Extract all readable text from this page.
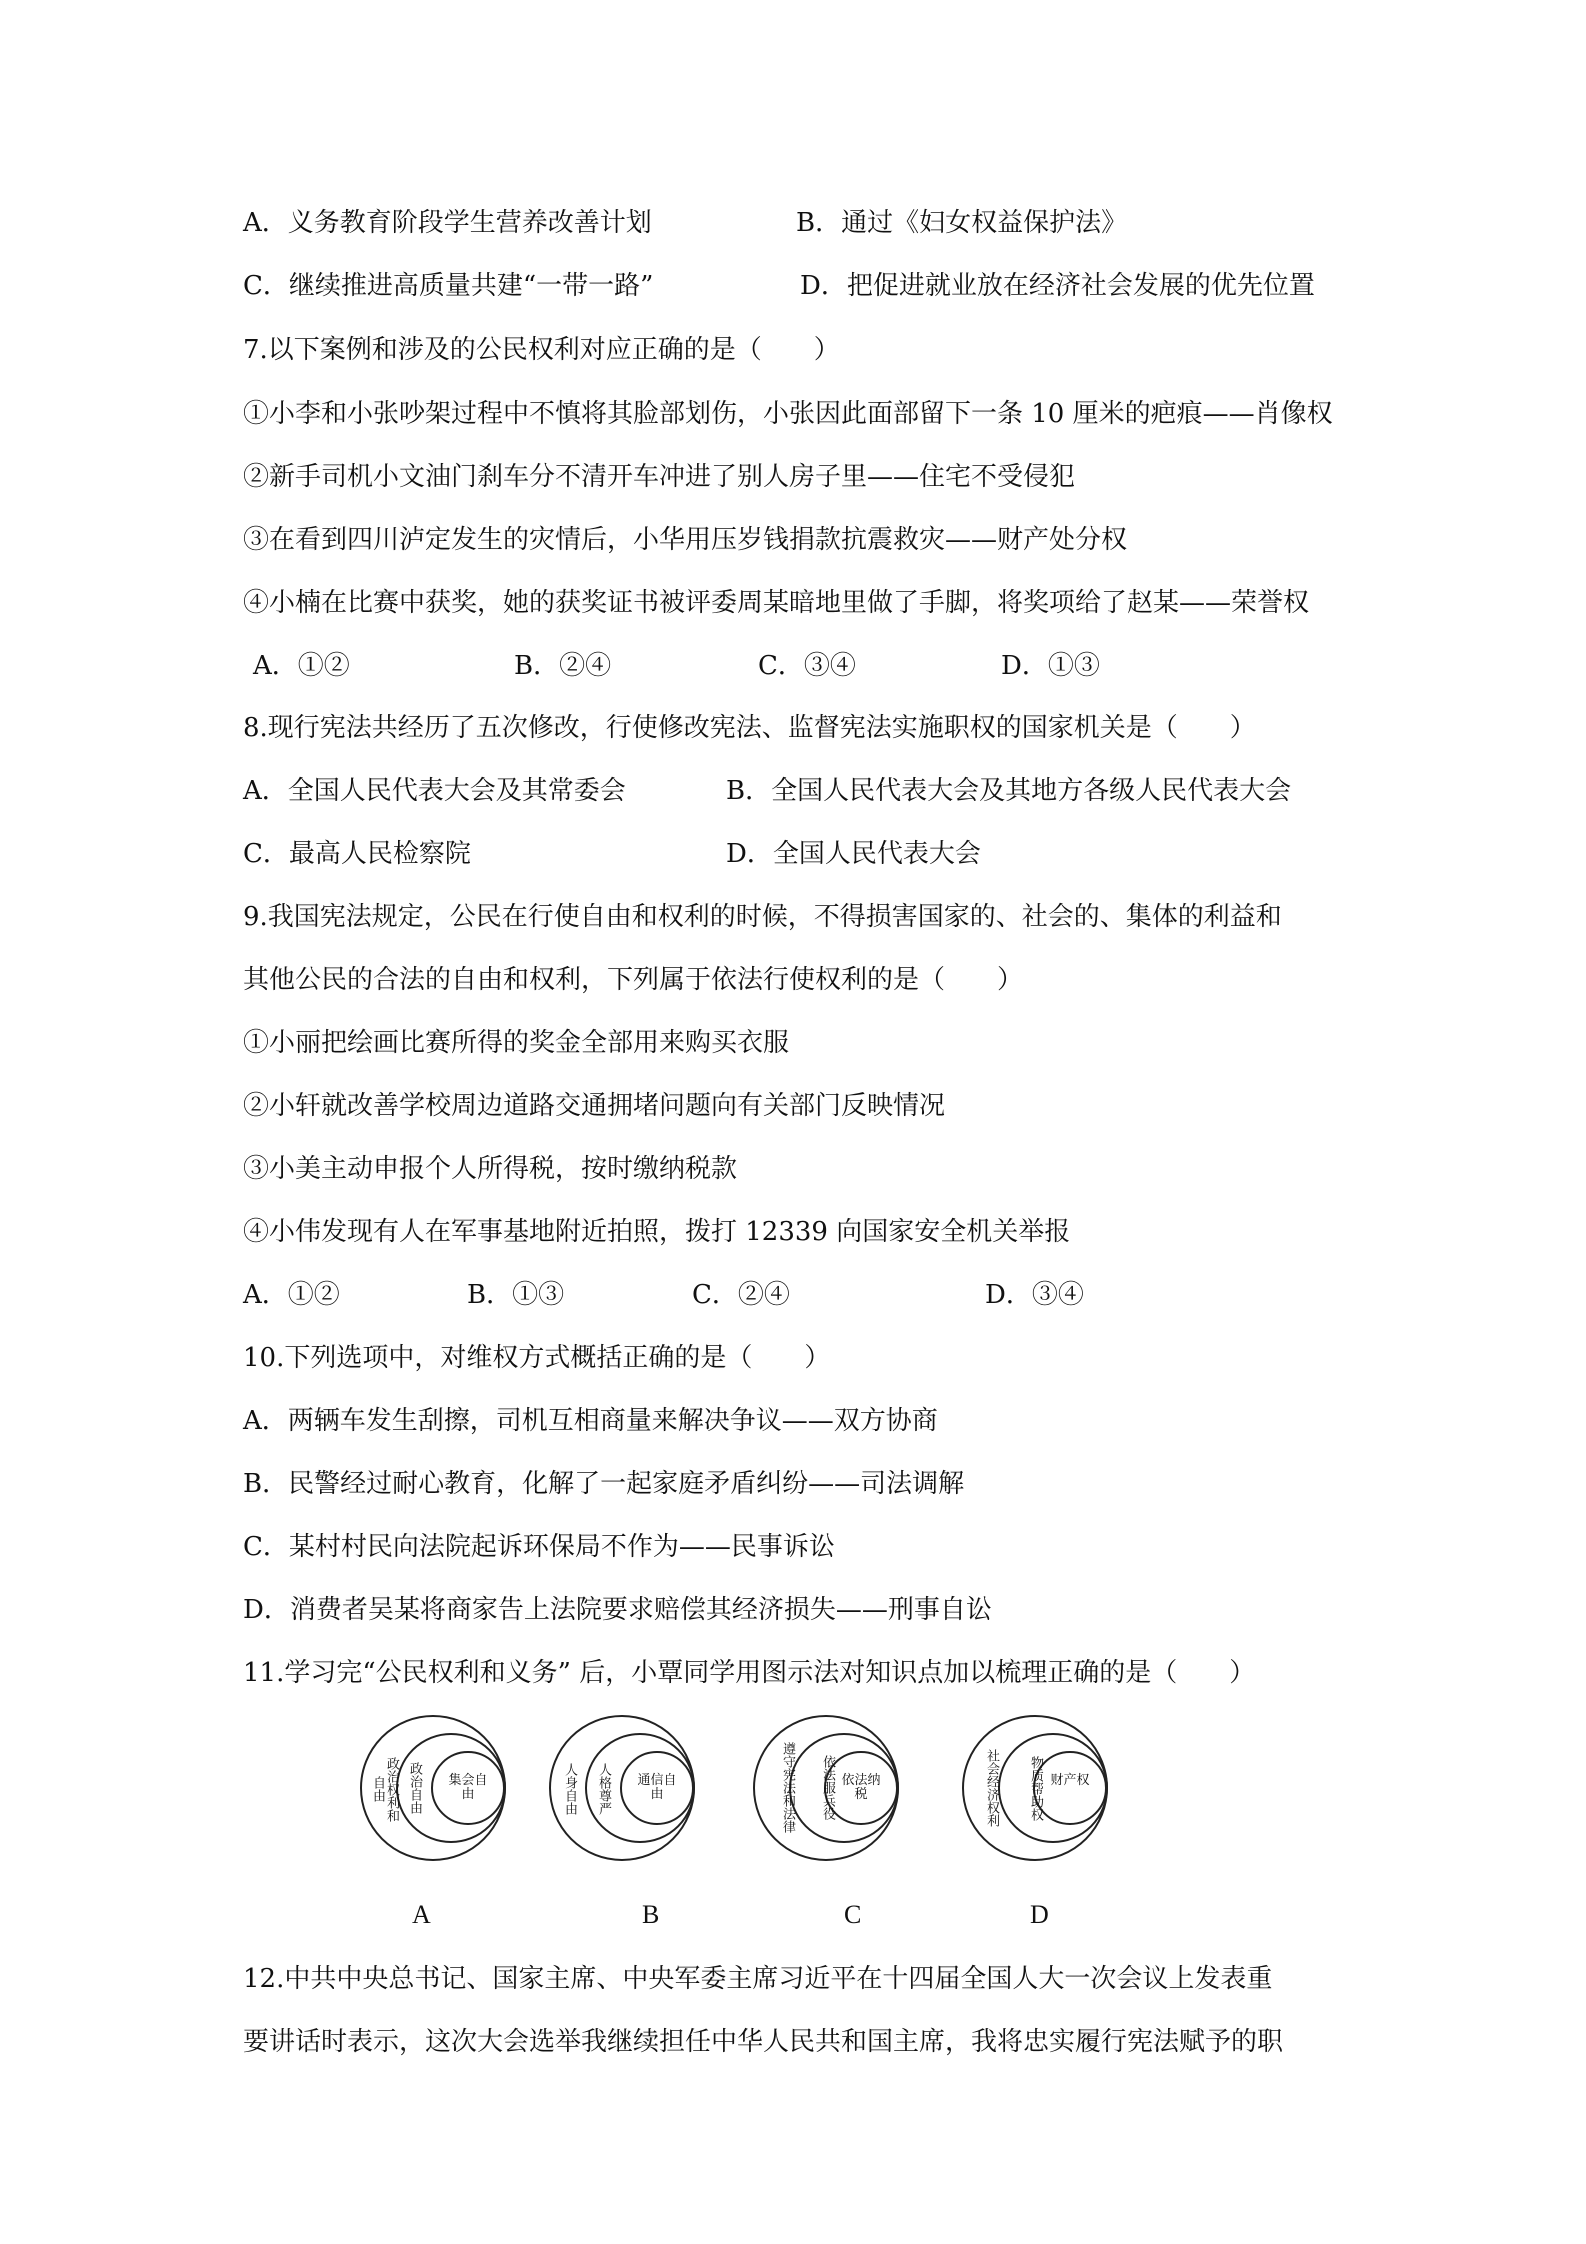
A．义务教育阶段学生营养改善计划	B．通过《妇女权益保护法》
C．继续推进高质量共建“一带一路”	D．把促进就业放在经济社会发展的优先位置
7.以下案例和涉及的公民权利对应正确的是（　　）
①小李和小张吵架过程中不慎将其脸部划伤，小张因此面部留下一条 10 厘米的疤痕——肖像权
②新手司机小文油门刹车分不清开车冲进了别人房子里——住宅不受侵犯
③在看到四川泸定发生的灾情后，小华用压岁钱捐款抗震救灾——财产处分权
④小楠在比赛中获奖，她的获奖证书被评委周某暗地里做了手脚，将奖项给了赵某——荣誉权
A．①②	B．②④	C．③④	D．①③
8.现行宪法共经历了五次修改，行使修改宪法、监督宪法实施职权的国家机关是（　　）
A．全国人民代表大会及其常委会	B．全国人民代表大会及其地方各级人民代表大会
C．最高人民检察院	D．全国人民代表大会
9.我国宪法规定，公民在行使自由和权利的时候，不得损害国家的、社会的、集体的利益和
其他公民的合法的自由和权利，下列属于依法行使权利的是（　　）
①小丽把绘画比赛所得的奖金全部用来购买衣服
②小轩就改善学校周边道路交通拥堵问题向有关部门反映情况
③小美主动申报个人所得税，按时缴纳税款
④小伟发现有人在军事基地附近拍照，拨打 12339 向国家安全机关举报
A．①②	B．①③	C．②④	D．③④
10.下列选项中，对维权方式概括正确的是（　　）
A．两辆车发生刮擦，司机互相商量来解决争议——双方协商
B．民警经过耐心教育，化解了一起家庭矛盾纠纷——司法调解
C．某村村民向法院起诉环保局不作为——民事诉讼
D．消费者吴某将商家告上法院要求赔偿其经济损失——刑事自讼
11.学习完“公民权利和义务” 后，小覃同学用图示法对知识点加以梳理正确的是（　　）
政治权利和自由	政治自由	集会自由	人身自由 人格尊严	通信自由	遵守宪法和法律	依法服兵役 依法纳税	社会经济权利	物质帮助权 财产权
A	B	C	D
12.中共中央总书记、国家主席、中央军委主席习近平在十四届全国人大一次会议上发表重
要讲话时表示，这次大会选举我继续担任中华人民共和国主席，我将忠实履行宪法赋予的职
